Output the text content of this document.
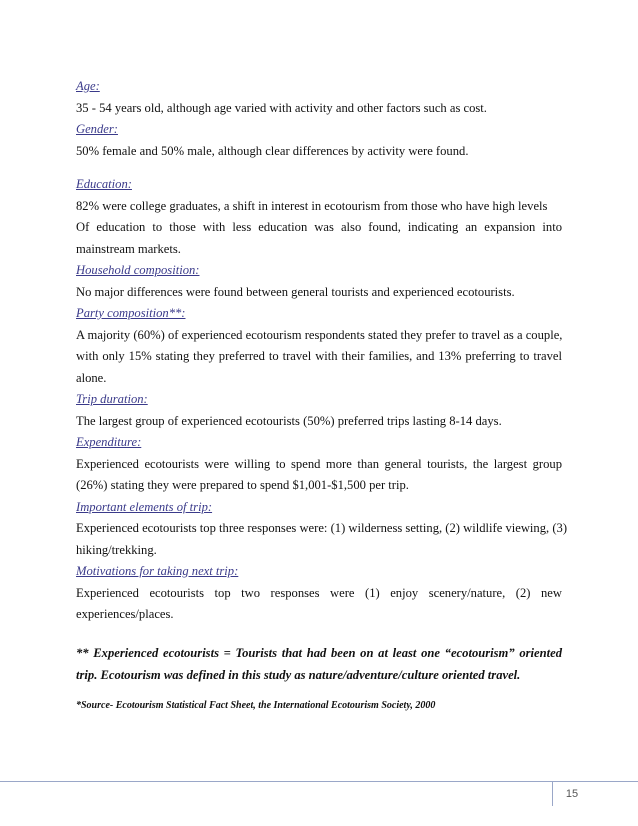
Age:
35 - 54 years old, although age varied with activity and other factors such as cost.
Gender:
50% female and 50% male, although clear differences by activity were found.
Education:
82% were college graduates, a shift in interest in ecotourism from those who have high levels
Of education to those with less education was also found, indicating an expansion into
mainstream markets.
Household composition:
No major differences were found between general tourists and experienced ecotourists.
Party composition**:
A majority (60%) of experienced ecotourism respondents stated they prefer to travel as a couple,
with only 15% stating they preferred to travel with their families, and 13% preferring to travel
alone.
Trip duration:
The largest group of experienced ecotourists (50%) preferred trips lasting 8-14 days.
Expenditure:
Experienced ecotourists were willing to spend more than general tourists, the largest group
(26%) stating they were prepared to spend $1,001-$1,500 per trip.
Important elements of trip:
Experienced ecotourists top three responses were: (1) wilderness setting, (2) wildlife viewing, (3)
hiking/trekking.
Motivations for taking next trip:
Experienced ecotourists top two responses were (1) enjoy scenery/nature, (2) new
experiences/places.
** Experienced ecotourists = Tourists that had been on at least one “ecotourism” oriented
trip. Ecotourism was defined in this study as nature/adventure/culture oriented travel.
*Source- Ecotourism Statistical Fact Sheet, the International Ecotourism Society, 2000
15
